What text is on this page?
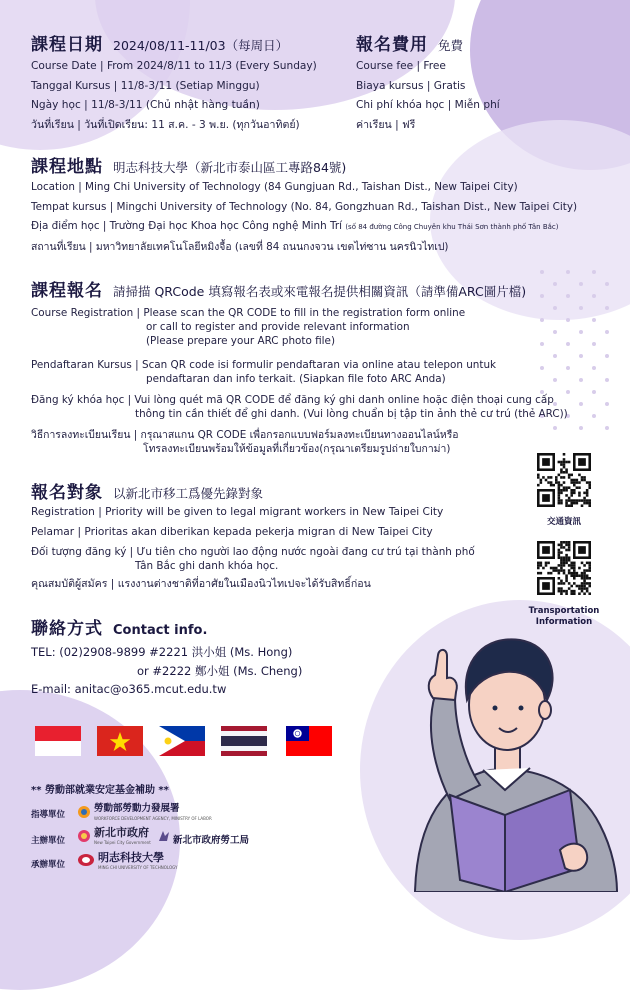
課程日期 2024/08/11-11/03（每周日）
Course Date | From 2024/8/11 to 11/3 (Every Sunday)
Tanggal Kursus | 11/8-3/11 (Setiap Minggu)
Ngày học | 11/8-3/11 (Chủ nhật hàng tuần)
วันที่เรียน | วันที่เปิดเรียน: 11 ส.ค. - 3 พ.ย. (ทุกวันอาทิตย์)
報名費用 免費
Course fee | Free
Biaya kursus | Gratis
Chi phí khóa học | Miễn phí
ค่าเรียน | ฟรี
課程地點 明志科技大學（新北市泰山區工專路84號)
Location | Ming Chi University of Technology (84 Gungjuan Rd., Taishan Dist., New Taipei City)
Tempat kursus | Mingchi University of Technology (No. 84, Gongzhuan Rd., Taishan Dist., New Taipei City)
Địa điểm học | Trường Đại học Khoa học Công nghệ Minh Trí (số 84 đường Công Chuyên khu Thái Sơn thành phố Tân Bắc)
สถานที่เรียน | มหาวิทยาลัยเทคโนโลยีหมิงจื้อ (เลขที่ 84 ถนนกงจวน เขตไท่ซาน นครนิวไทเป)
課程報名 請掃描 QRCode 填寫報名表或來電報名提供相關資訊（請準備ARC圖片檔)
Course Registration | Please scan the QR CODE to fill in the registration form online
or call to register and provide relevant information
(Please prepare your ARC photo file)
Pendaftaran Kursus | Scan QR code isi formulir pendaftaran via online atau telepon untuk
pendaftaran dan info terkait. (Siapkan file foto ARC Anda)
Đăng ký khóa học | Vui lòng quét mã QR CODE để đăng ký ghi danh online hoặc điện thoại cung cấp
thông tin cần thiết để ghi danh. (Vui lòng chuẩn bị tập tin ảnh thẻ cư trú (thẻ ARC))
วิธีการลงทะเบียนเรียน | กรุณาสแกน QR CODE เพื่อกรอกแบบฟอร์มลงทะเบียนทางออนไลน์หรือ
โทรลงทะเบียนพร้อมให้ข้อมูลที่เกี่ยวข้อง(กรุณาเตรียมรูปถ่ายใบกาม่า)
報名對象 以新北市移工爲優先錄對象
Registration | Priority will be given to legal migrant workers in New Taipei City
Pelamar | Prioritas akan diberikan kepada pekerja migran di New Taipei City
Đối tượng đăng ký | Ưu tiên cho người lao động nước ngoài đang cư trú tại thành phố
Tân Bắc ghi danh khóa học.
คุณสมบัติผู้สมัคร | แรงงานต่างชาติที่อาศัยในเมืองนิวไทเปจะได้รับสิทธิ์ก่อน
交通資訊
Transportation
Information
聯絡方式 Contact info.
TEL: (02)2908-9899 #2221 洪小姐 (Ms. Hong)
or #2222 鄭小姐 (Ms. Cheng)
E-mail: anitac@o365.mcut.edu.tw
** 勞動部就業安定基金補助 **
指導單位
勞動部勞動力發展署
WORKFORCE DEVELOPMENT AGENCY, MINISTRY OF LABOR
主辦單位
新北市政府
New Taipei City Government 新北市政府勞工局
承辦單位
明志科技大學
MING CHI UNIVERSITY OF TECHNOLOGY
